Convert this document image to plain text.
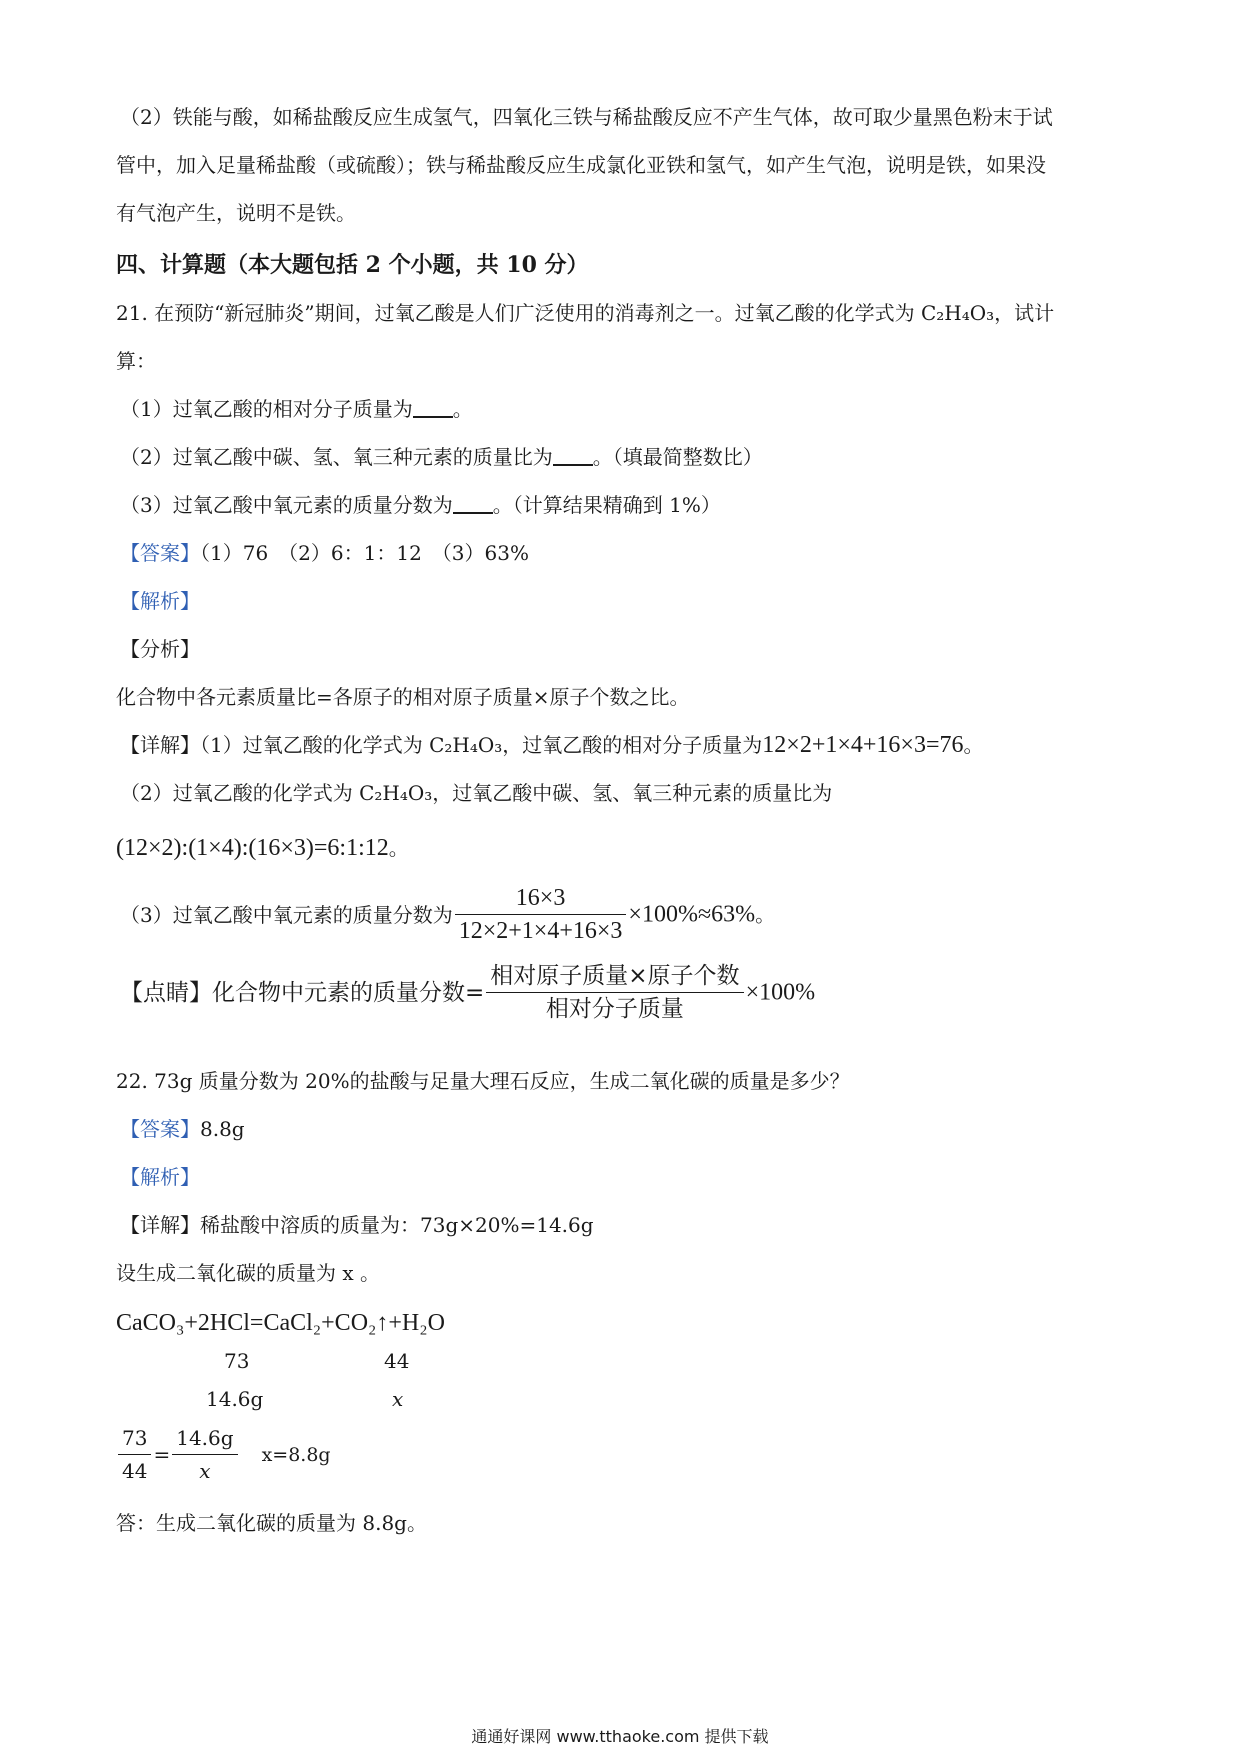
（2）铁能与酸，如稀盐酸反应生成氢气，四氧化三铁与稀盐酸反应不产生气体，故可取少量黑色粉末于试
管中，加入足量稀盐酸（或硫酸）；铁与稀盐酸反应生成氯化亚铁和氢气，如产生气泡，说明是铁，如果没
有气泡产生，说明不是铁。
四、计算题（本大题包括 2 个小题，共 10 分）
21. 在预防“新冠肺炎”期间，过氧乙酸是人们广泛使用的消毒剂之一。过氧乙酸的化学式为 C₂H₄O₃，试计
算：
（1）过氧乙酸的相对分子质量为 。
（2）过氧乙酸中碳、氢、氧三种元素的质量比为 。（填最简整数比）
（3）过氧乙酸中氧元素的质量分数为 。（计算结果精确到 1%）
【答案】（1）76　（2）6：1：12　（3）63%
【解析】
【分析】
化合物中各元素质量比=各原子的相对原子质量×原子个数之比。
【详解】（1）过氧乙酸的化学式为 C₂H₄O₃，过氧乙酸的相对分子质量为12×2+1×4+16×3=76。
（2）过氧乙酸的化学式为 C₂H₄O₃，过氧乙酸中碳、氢、氧三种元素的质量比为
(12×2):(1×4):(16×3)=6:1:12。
（3）过氧乙酸中氧元素的质量分数为 $\frac{16\times 3}{12\times 2+1\times 4+16\times 3} \times 100\%\approx 63\%$。
【点睛】化合物中元素的质量分数= $\frac{\text{相对原子质量×原子个数}}{\text{相对分子质量}} \times 100\%$
22. 73g 质量分数为 20%的盐酸与足量大理石反应，生成二氧化碳的质量是多少？
【答案】8.8g
【解析】
【详解】稀盐酸中溶质的质量为：73g×20%=14.6g
设生成二氧化碳的质量为 x 。
CaCO₃+2HCl=CaCl₂+CO₂↑+H₂O
73	44
14.6g	x
$\frac{73}{44} = \frac{14.6g}{x} x=8.8g$
答：生成二氧化碳的质量为 8.8g。
通通好课网 www.tthaoke.com 提供下载
